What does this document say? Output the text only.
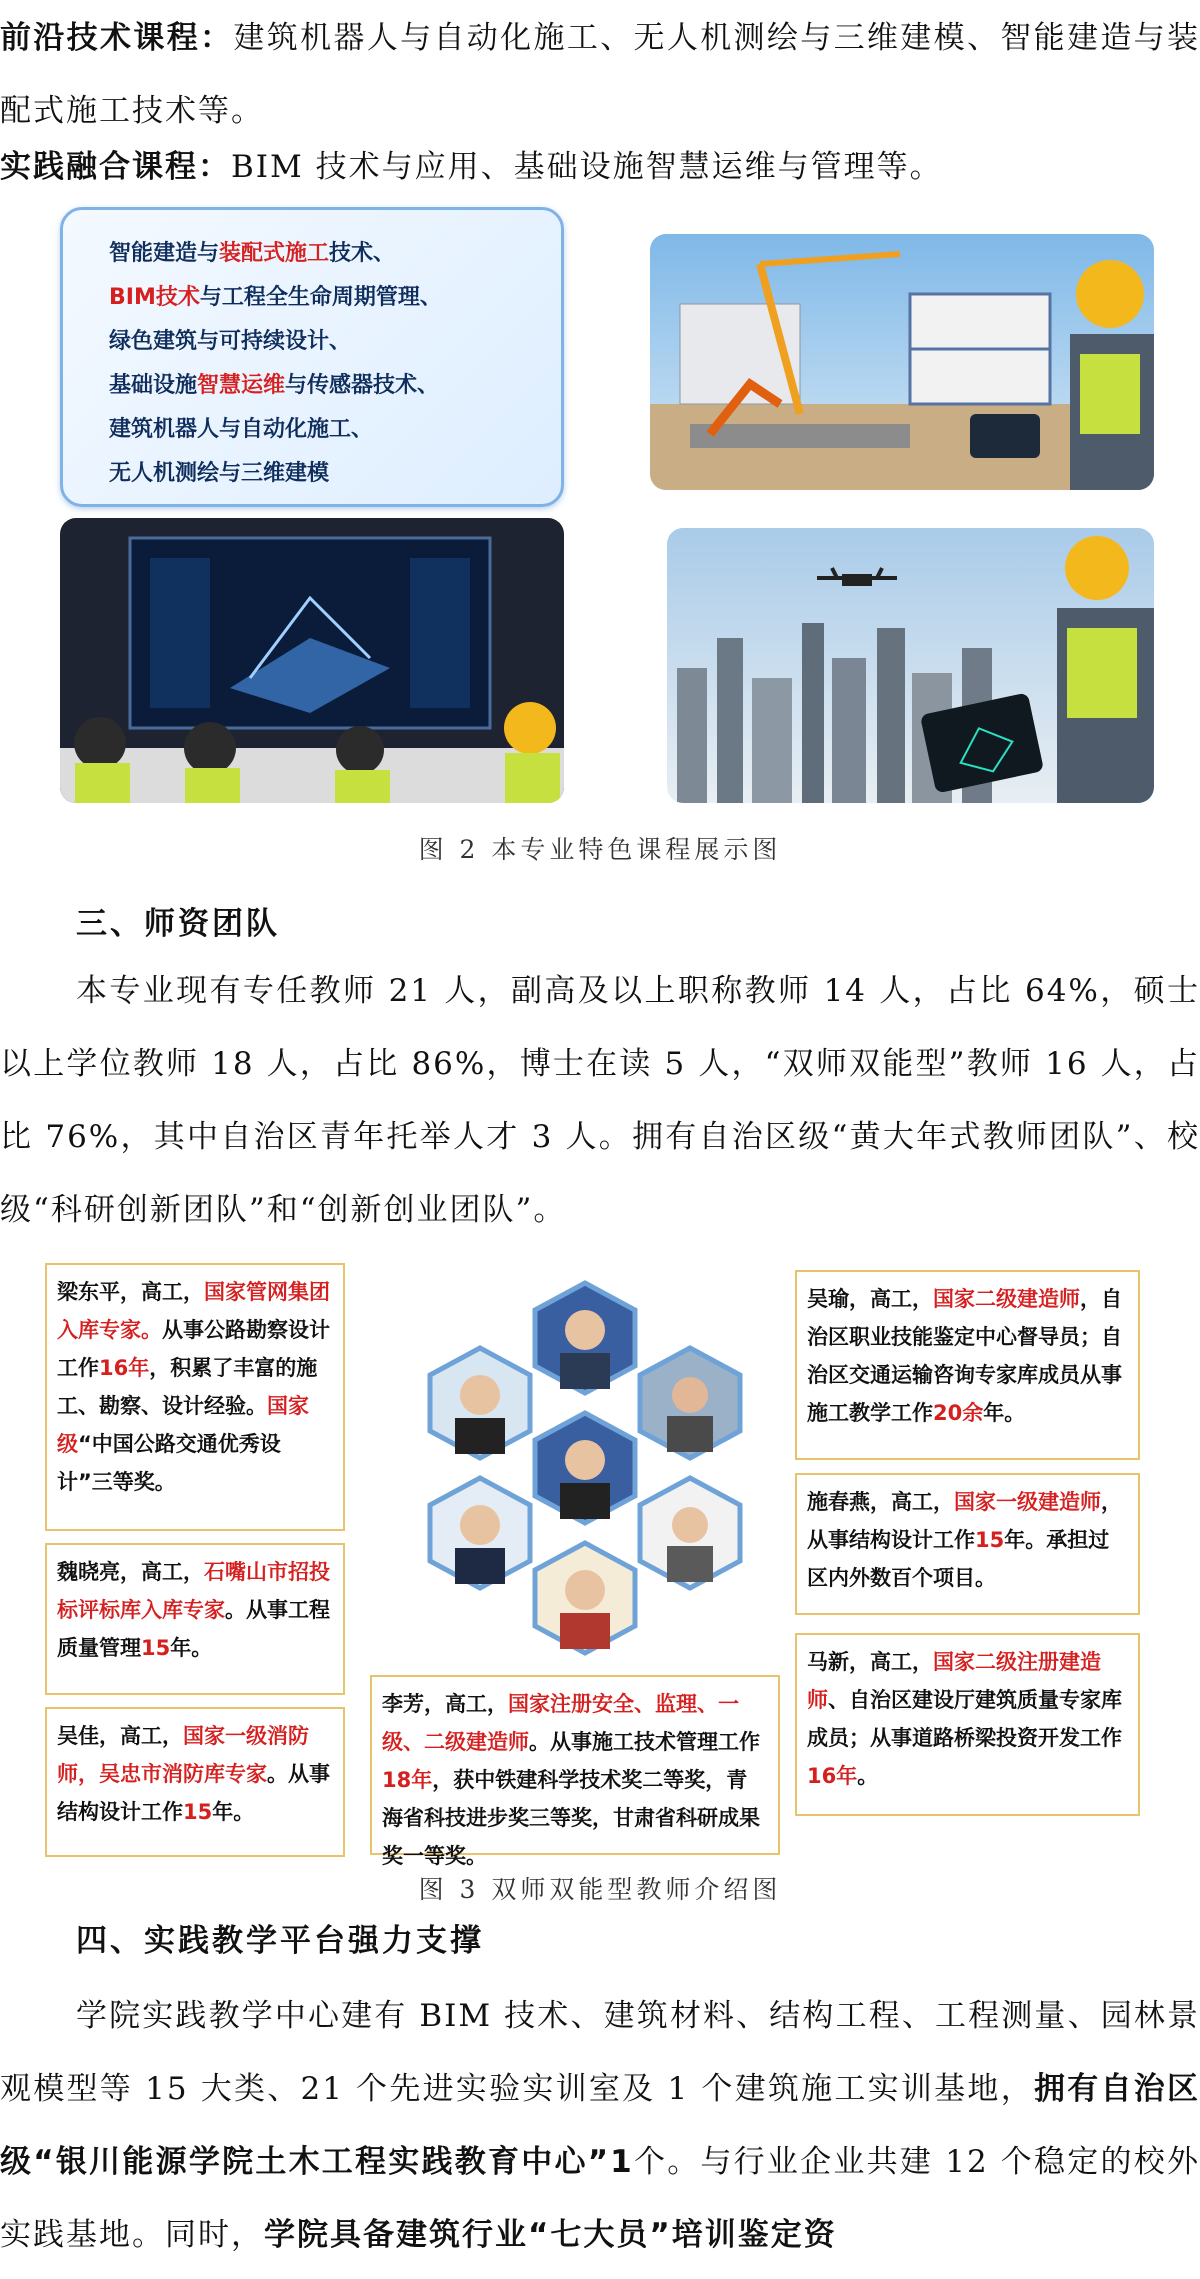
前沿技术课程：建筑机器人与自动化施工、无人机测绘与三维建模、智能建造与装配式施工技术等。

实践融合课程：BIM 技术与应用、基础设施智慧运维与管理等。

智能建造与装配式施工技术、
BIM技术与工程全生命周期管理、
绿色建筑与可持续设计、
基础设施智慧运维与传感器技术、
建筑机器人与自动化施工、
无人机测绘与三维建模
图 2 本专业特色课程展示图

三、师资团队

本专业现有专任教师 21 人，副高及以上职称教师 14 人，占比 64%，硕士以上学位教师 18 人，占比 86%，博士在读 5 人，“双师双能型”教师 16 人，占比 76%，其中自治区青年托举人才 3 人。拥有自治区级“黄大年式教师团队”、校级“科研创新团队”和“创新创业团队”。

梁东平，高工，国家管网集团入库专家。从事公路勘察设计工作16年，积累了丰富的施工、勘察、设计经验。国家级“中国公路交通优秀设计”三等奖。
魏晓亮，高工，石嘴山市招投标评标库入库专家。从事工程质量管理15年。
吴佳，高工，国家一级消防师，吴忠市消防库专家。从事结构设计工作15年。
吴瑜，高工，国家二级建造师，自治区职业技能鉴定中心督导员；自治区交通运输咨询专家库成员从事施工教学工作20余年。
施春燕，高工，国家一级建造师，从事结构设计工作15年。承担过区内外数百个项目。
马新，高工，国家二级注册建造师、自治区建设厅建筑质量专家库成员；从事道路桥梁投资开发工作16年。
李芳，高工，国家注册安全、监理、一级、二级建造师。从事施工技术管理工作18年，获中铁建科学技术奖二等奖，青海省科技进步奖三等奖，甘肃省科研成果奖一等奖。
图 3 双师双能型教师介绍图

四、实践教学平台强力支撑

学院实践教学中心建有 BIM 技术、建筑材料、结构工程、工程测量、园林景观模型等 15 大类、21 个先进实验实训室及 1 个建筑施工实训基地，拥有自治区级“银川能源学院土木工程实践教育中心”1个。与行业企业共建 12 个稳定的校外实践基地。同时，学院具备建筑行业“七大员”培训鉴定资
